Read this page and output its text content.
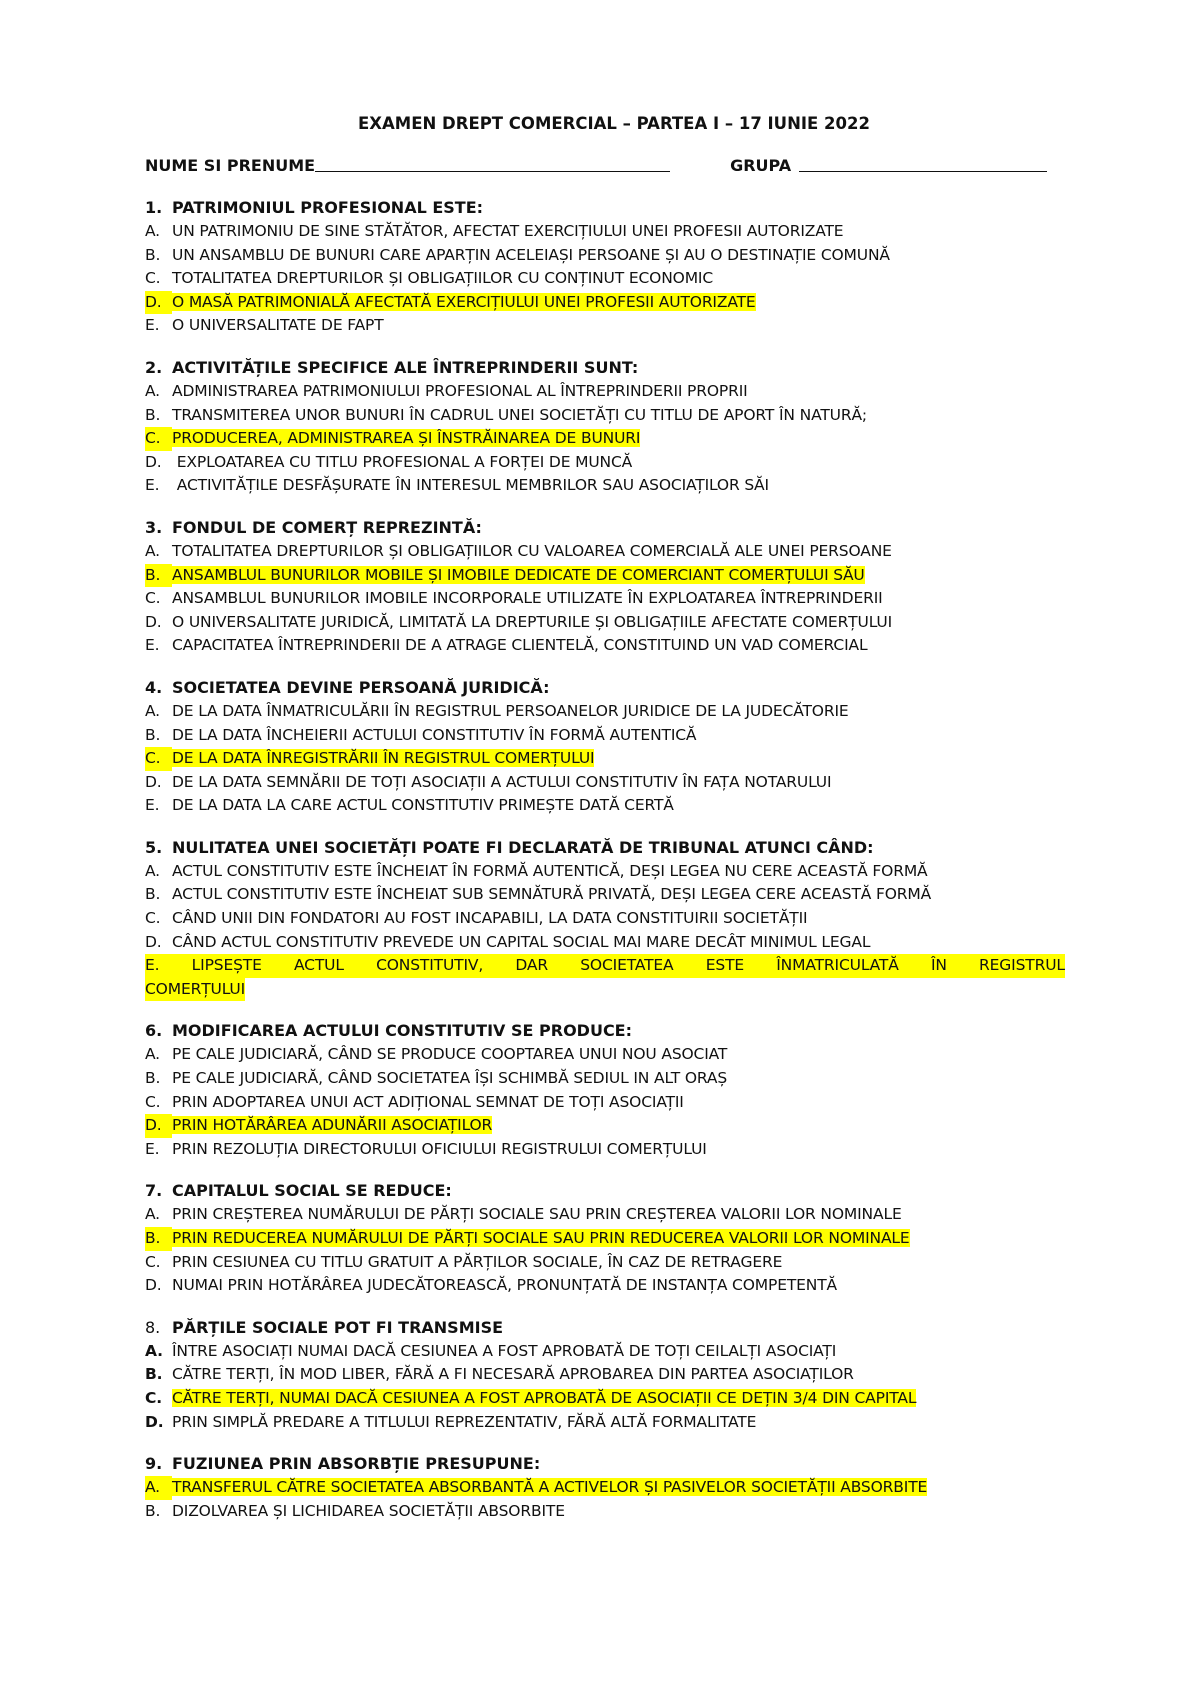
EXAMEN DREPT COMERCIAL – PARTEA I – 17 IUNIE 2022
NUME SI PRENUME	GRUPA
1. PATRIMONIUL PROFESIONAL ESTE:
A. UN PATRIMONIU DE SINE STĂTĂTOR, AFECTAT EXERCIȚIULUI UNEI PROFESII AUTORIZATE
B. UN ANSAMBLU DE BUNURI CARE APARȚIN ACELEIAȘI PERSOANE ȘI AU O DESTINAȚIE COMUNĂ
C. TOTALITATEA DREPTURILOR ȘI OBLIGAȚIILOR CU CONȚINUT ECONOMIC
D. O MASĂ PATRIMONIALĂ AFECTATĂ EXERCIȚIULUI UNEI PROFESII AUTORIZATE
E. O UNIVERSALITATE DE FAPT
2. ACTIVITĂȚILE SPECIFICE ALE ÎNTREPRINDERII SUNT:
A. ADMINISTRAREA PATRIMONIULUI PROFESIONAL AL ÎNTREPRINDERII PROPRII
B. TRANSMITEREA UNOR BUNURI ÎN CADRUL UNEI SOCIETĂȚI CU TITLU DE APORT ÎN NATURĂ;
C. PRODUCEREA, ADMINISTRAREA ȘI ÎNSTRĂINAREA DE BUNURI
D. EXPLOATAREA CU TITLU PROFESIONAL A FORȚEI DE MUNCĂ
E. ACTIVITĂȚILE DESFĂȘURATE ÎN INTERESUL MEMBRILOR SAU ASOCIAȚILOR SĂI
3. FONDUL DE COMERȚ REPREZINTĂ:
A. TOTALITATEA DREPTURILOR ȘI OBLIGAȚIILOR CU VALOAREA COMERCIALĂ ALE UNEI PERSOANE
B. ANSAMBLUL BUNURILOR MOBILE ȘI IMOBILE DEDICATE DE COMERCIANT COMERȚULUI SĂU
C. ANSAMBLUL BUNURILOR IMOBILE INCORPORALE UTILIZATE ÎN EXPLOATAREA ÎNTREPRINDERII
D. O UNIVERSALITATE JURIDICĂ, LIMITATĂ LA DREPTURILE ȘI OBLIGAȚIILE AFECTATE COMERȚULUI
E. CAPACITATEA ÎNTREPRINDERII DE A ATRAGE CLIENTELĂ, CONSTITUIND UN VAD COMERCIAL
4. SOCIETATEA DEVINE PERSOANĂ JURIDICĂ:
A. DE LA DATA ÎNMATRICULĂRII ÎN REGISTRUL PERSOANELOR JURIDICE DE LA JUDECĂTORIE
B. DE LA DATA ÎNCHEIERII ACTULUI CONSTITUTIV ÎN FORMĂ AUTENTICĂ
C. DE LA DATA ÎNREGISTRĂRII ÎN REGISTRUL COMERȚULUI
D. DE LA DATA SEMNĂRII DE TOȚI ASOCIAȚII A ACTULUI CONSTITUTIV ÎN FAȚA NOTARULUI
E. DE LA DATA LA CARE ACTUL CONSTITUTIV PRIMEȘTE DATĂ CERTĂ
5. NULITATEA UNEI SOCIETĂȚI POATE FI DECLARATĂ DE TRIBUNAL ATUNCI CÂND:
A. ACTUL CONSTITUTIV ESTE ÎNCHEIAT ÎN FORMĂ AUTENTICĂ, DEȘI LEGEA NU CERE ACEASTĂ FORMĂ
B. ACTUL CONSTITUTIV ESTE ÎNCHEIAT SUB SEMNĂTURĂ PRIVATĂ, DEȘI LEGEA CERE ACEASTĂ FORMĂ
C. CÂND UNII DIN FONDATORI AU FOST INCAPABILI, LA DATA CONSTITUIRII SOCIETĂȚII
D. CÂND ACTUL CONSTITUTIV PREVEDE UN CAPITAL SOCIAL MAI MARE DECÂT MINIMUL LEGAL
E. LIPSEȘTE ACTUL CONSTITUTIV, DAR SOCIETATEA ESTE ÎNMATRICULATĂ ÎN REGISTRUL
COMERȚULUI
6. MODIFICAREA ACTULUI CONSTITUTIV SE PRODUCE:
A. PE CALE JUDICIARĂ, CÂND SE PRODUCE COOPTAREA UNUI NOU ASOCIAT
B. PE CALE JUDICIARĂ, CÂND SOCIETATEA ÎȘI SCHIMBĂ SEDIUL IN ALT ORAȘ
C. PRIN ADOPTAREA UNUI ACT ADIȚIONAL SEMNAT DE TOȚI ASOCIAȚII
D. PRIN HOTĂRÂREA ADUNĂRII ASOCIAȚILOR
E. PRIN REZOLUȚIA DIRECTORULUI OFICIULUI REGISTRULUI COMERȚULUI
7. CAPITALUL SOCIAL SE REDUCE:
A. PRIN CREȘTEREA NUMĂRULUI DE PĂRȚI SOCIALE SAU PRIN CREȘTEREA VALORII LOR NOMINALE
B. PRIN REDUCEREA NUMĂRULUI DE PĂRȚI SOCIALE SAU PRIN REDUCEREA VALORII LOR NOMINALE
C. PRIN CESIUNEA CU TITLU GRATUIT A PĂRȚILOR SOCIALE, ÎN CAZ DE RETRAGERE
D. NUMAI PRIN HOTĂRÂREA JUDECĂTOREASCĂ, PRONUNȚATĂ DE INSTANȚA COMPETENTĂ
8. PĂRȚILE SOCIALE POT FI TRANSMISE
A. ÎNTRE ASOCIAȚI NUMAI DACĂ CESIUNEA A FOST APROBATĂ DE TOȚI CEILALȚI ASOCIAȚI
B. CĂTRE TERȚI, ÎN MOD LIBER, FĂRĂ A FI NECESARĂ APROBAREA DIN PARTEA ASOCIAȚILOR
C. CĂTRE TERȚI, NUMAI DACĂ CESIUNEA A FOST APROBATĂ DE ASOCIAȚII CE DEȚIN 3/4 DIN CAPITAL
D. PRIN SIMPLĂ PREDARE A TITLULUI REPREZENTATIV, FĂRĂ ALTĂ FORMALITATE
9. FUZIUNEA PRIN ABSORBȚIE PRESUPUNE:
A. TRANSFERUL CĂTRE SOCIETATEA ABSORBANTĂ A ACTIVELOR ȘI PASIVELOR SOCIETĂȚII ABSORBITE
B. DIZOLVAREA ȘI LICHIDAREA SOCIETĂȚII ABSORBITE
